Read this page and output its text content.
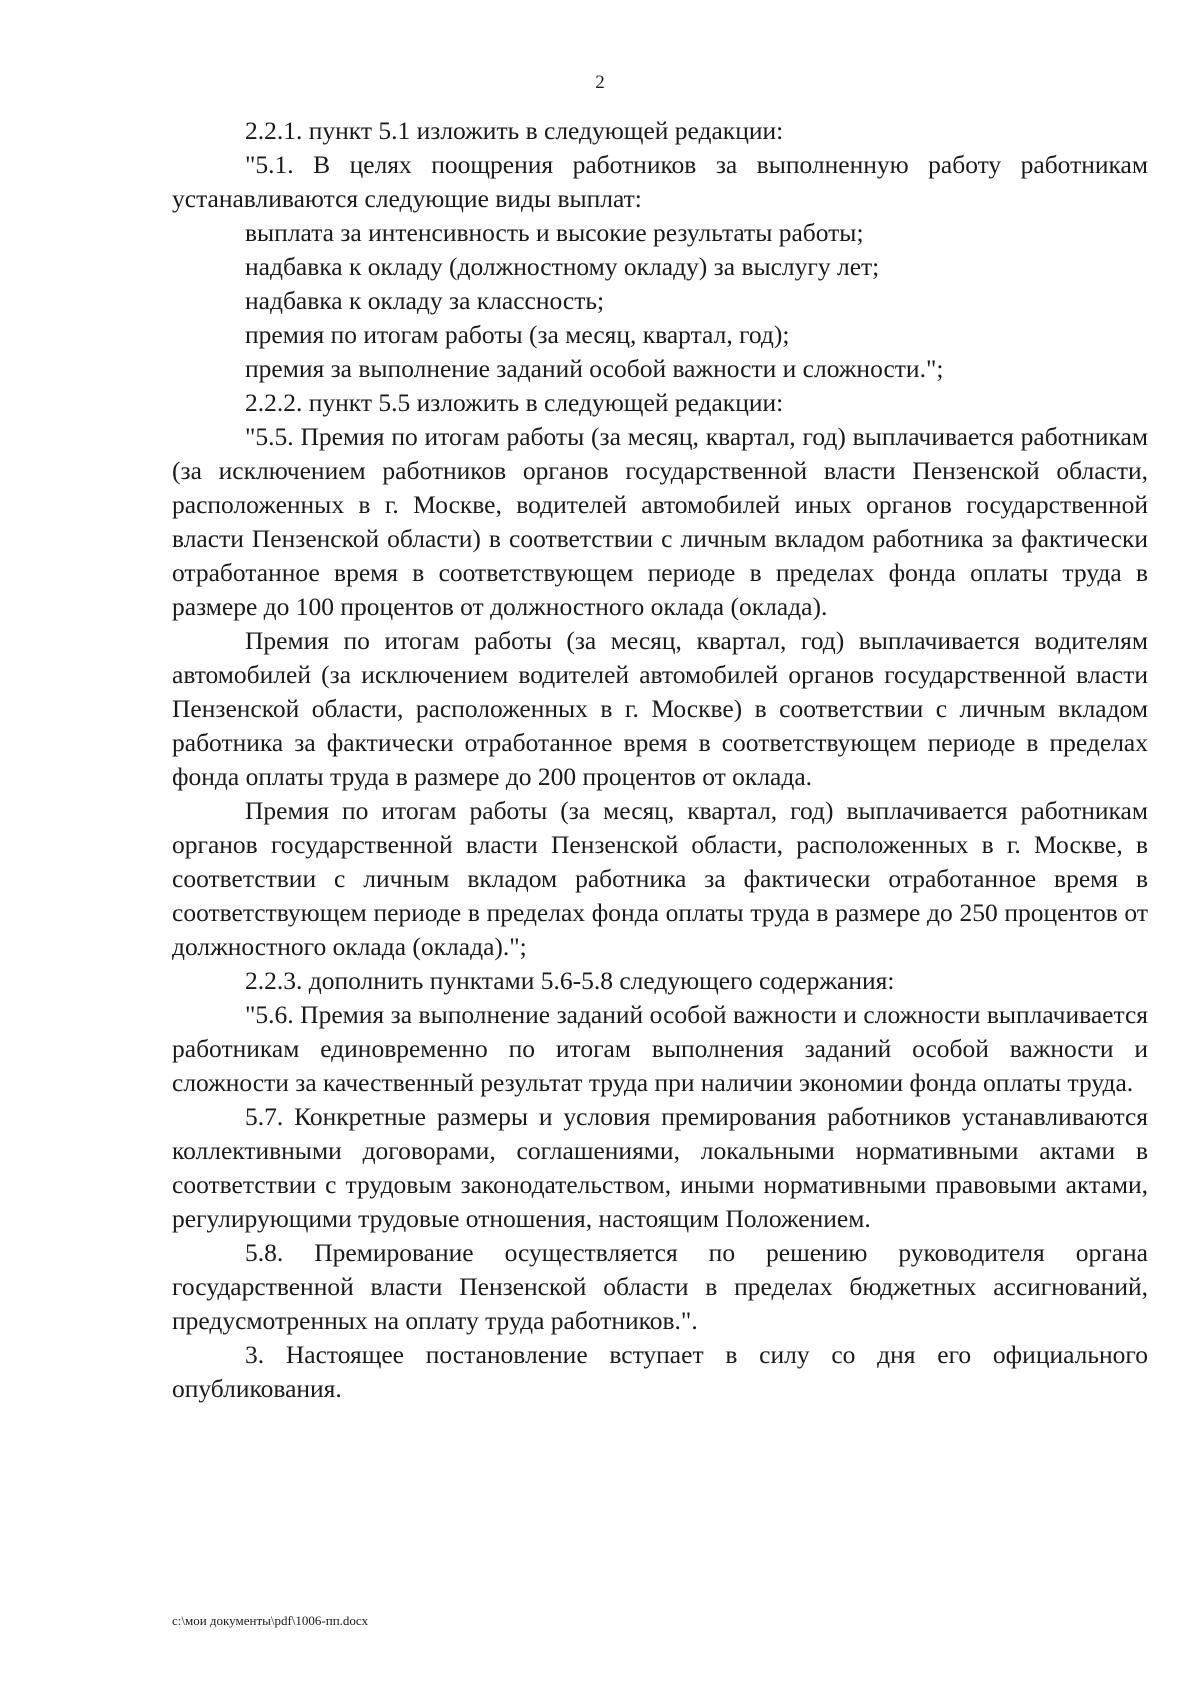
2

2.2.1. пункт 5.1 изложить в следующей редакции:

"5.1. В целях поощрения работников за выполненную работу работникам устанавливаются следующие виды выплат:

выплата за интенсивность и высокие результаты работы;

надбавка к окладу (должностному окладу) за выслугу лет;

надбавка к окладу за классность;

премия по итогам работы (за месяц, квартал, год);

премия за выполнение заданий особой важности и сложности.";

2.2.2. пункт 5.5 изложить в следующей редакции:

"5.5. Премия по итогам работы (за месяц, квартал, год) выплачивается работникам (за исключением работников органов государственной власти Пензенской области, расположенных в г. Москве, водителей автомобилей иных органов государственной власти Пензенской области) в соответствии с личным вкладом работника за фактически отработанное время в соответствующем периоде в пределах фонда оплаты труда в размере до 100 процентов от должностного оклада (оклада).

Премия по итогам работы (за месяц, квартал, год) выплачивается водителям автомобилей (за исключением водителей автомобилей органов государственной власти Пензенской области, расположенных в г. Москве) в соответствии с личным вкладом работника за фактически отработанное время в соответствующем периоде в пределах фонда оплаты труда в размере до 200 процентов от оклада.

Премия по итогам работы (за месяц, квартал, год) выплачивается работникам органов государственной власти Пензенской области, расположенных в г. Москве, в соответствии с личным вкладом работника за фактически отработанное время в соответствующем периоде в пределах фонда оплаты труда в размере до 250 процентов от должностного оклада (оклада).";

2.2.3. дополнить пунктами 5.6-5.8 следующего содержания:

"5.6. Премия за выполнение заданий особой важности и сложности выплачивается работникам единовременно по итогам выполнения заданий особой важности и сложности за качественный результат труда при наличии экономии фонда оплаты труда.

5.7. Конкретные размеры и условия премирования работников устанавливаются коллективными договорами, соглашениями, локальными нормативными актами в соответствии с трудовым законодательством, иными нормативными правовыми актами, регулирующими трудовые отношения, настоящим Положением.

5.8. Премирование осуществляется по решению руководителя органа государственной власти Пензенской области в пределах бюджетных ассигнований, предусмотренных на оплату труда работников.".

3. Настоящее постановление вступает в силу со дня его официального опубликования.

c:\мои документы\pdf\1006-пп.docx
